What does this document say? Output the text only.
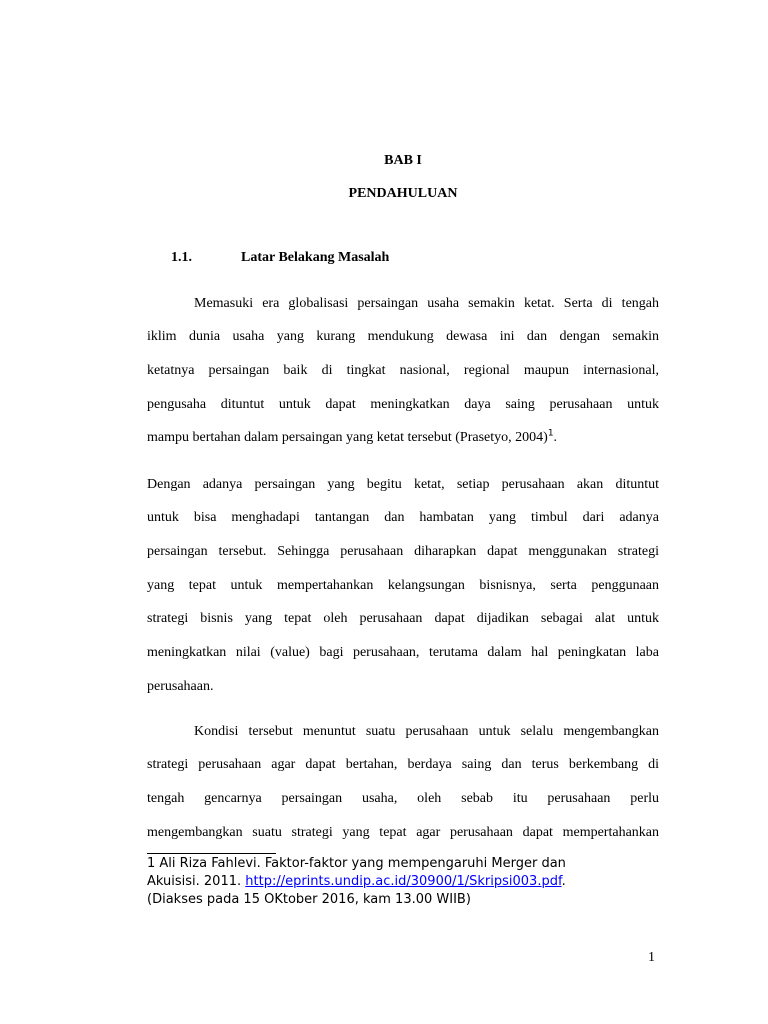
BAB I
PENDAHULUAN
1.1.	Latar Belakang Masalah
Memasuki era globalisasi persaingan usaha semakin ketat. Serta di tengah
iklim dunia usaha yang kurang mendukung dewasa ini dan dengan semakin
ketatnya persaingan baik di tingkat nasional, regional maupun internasional,
pengusaha dituntut untuk dapat meningkatkan daya saing perusahaan untuk
mampu bertahan dalam persaingan yang ketat tersebut (Prasetyo, 2004)$^1$.
Dengan adanya persaingan yang begitu ketat, setiap perusahaan akan dituntut
untuk bisa menghadapi tantangan dan hambatan yang timbul dari adanya
persaingan tersebut. Sehingga perusahaan diharapkan dapat menggunakan strategi
yang tepat untuk mempertahankan kelangsungan bisnisnya, serta penggunaan
strategi bisnis yang tepat oleh perusahaan dapat dijadikan sebagai alat untuk
meningkatkan nilai (value) bagi perusahaan, terutama dalam hal peningkatan laba
perusahaan.
Kondisi tersebut menuntut suatu perusahaan untuk selalu mengembangkan
strategi perusahaan agar dapat bertahan, berdaya saing dan terus berkembang di
tengah gencarnya persaingan usaha, oleh sebab itu perusahaan perlu
mengembangkan suatu strategi yang tepat agar perusahaan dapat mempertahankan
1 Ali Riza Fahlevi. Faktor-faktor yang mempengaruhi Merger dan
Akuisisi. 2011. http://eprints.undip.ac.id/30900/1/Skripsi003.pdf.
(Diakses pada 15 OKtober 2016, kam 13.00 WIIB)
1
